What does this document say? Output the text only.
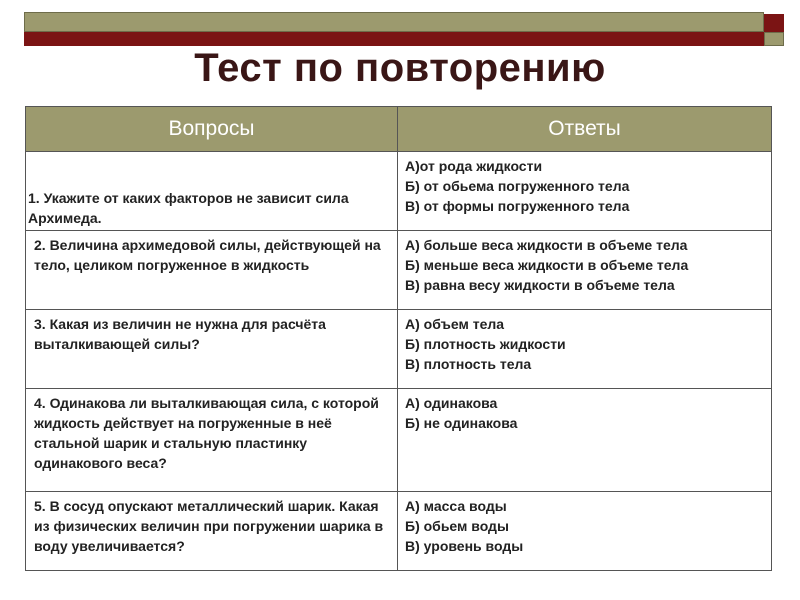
Тест по повторению
Вопросы	Ответы

1. Укажите от каких факторов не зависит сила Архимеда.	А)от рода жидкости
Б) от обьема погруженного тела
В) от формы погруженного тела

2. Величина архимедовой силы, действующей на тело, целиком погруженное в жидкость	А) больше веса жидкости в объеме тела
Б) меньше веса жидкости в объеме тела
В) равна весу жидкости в объеме тела

3. Какая из величин не нужна для расчёта выталкивающей силы?	А) объем тела
Б) плотность жидкости
В) плотность тела

4. Одинакова ли выталкивающая сила, с которой жидкость действует на погруженные в неё стальной шарик и стальную пластинку одинакового веса?	А) одинакова
Б) не одинакова

5. В сосуд опускают металлический шарик. Какая из физических величин при погружении шарика в воду увеличивается?	А) масса воды
Б) обьем воды
В) уровень воды
